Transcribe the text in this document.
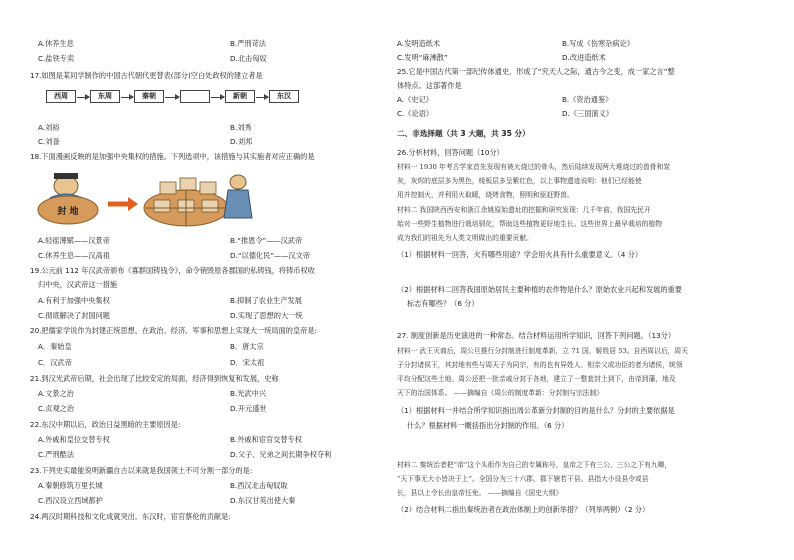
A.休养生息	B.严刑苛法
C.盐铁专卖	D.北击匈奴
17.如图是某同学制作的中国古代朝代更替表(部分)空白处政权的建立者是
西周	东周	秦朝	新朝	东汉
A.刘裕	B.刘秀
C.刘备	D.刘邦
18.下面漫画反映的是加强中央集权的措施。下列选项中，该措施与其实施者对应正确的是
封 地
A.轻徭薄赋——汉景帝	B.“推恩令”——汉武帝
C.休养生息——汉高祖	D.“以德化民”——汉文帝
19.公元前 112 年汉武帝颁布《寡群国铸钱令》，命令销毁原各郡国的私铸钱，将铸币权收
归中央，汉武帝这一措施
A.有利于加强中央集权	B.抑制了农业生产发展
C.彻底解决了封国问题	D.实现了思想的大一统
20.把儒家学说作为封建正统思想，在政治、经济、军事和思想上实现大一统局面的皇帝是:
A．秦始皇	B．唐太宗
C．汉武帝	D．宋太祖
21.到汉光武帝后期，社会出现了比较安定的局面，经济得到恢复和发展，史称
A.文景之治	B.光武中兴
C.贞观之治	D.开元盛世
22.东汉中期以后，政治日益黑暗的主要原因是:
A.外戚和皇位交替专权	B.外戚和宦官交替专权
C.严刑酷法	D.父子、兄弟之间长期争权夺利
23.下列史实最能说明新疆自古以来就是我国领土不可分割一部分的是:
A.秦朝修筑万里长城	B.西汉北击匈奴取
C.西汉设立西域都护	D.东汉甘英出使大秦
24.两汉时期科技和文化成就突出。东汉时，宦官蔡伦的贡献是:
A.发明造纸术	B.写成《伤寒杂病论》
C.发明“麻沸散”	D.改进造纸术
25.它是中国古代第一部纪传体通史，形成了“究天人之际，通古今之变，成一家之言”整
体特点。这部著作是
A.《史记》	B.《资治通鉴》
C.《论语》	D.《三国演义》
二、非选择题（共 3 大题，共 35 分）
26.分析材料，回答问题（10分）
材料一 1930 年考古学家首先发现有被火烧过的骨头，然后陆续发现两大堆烧过的兽骨和炭
灰，灰烬的底层多为黑色，棱板层多呈紫红色，以上事物遗迹说明：他们已经能使
用并控制火，并利用火取暖，烧烤食物，照明和驱赶野兽。
材料二 我国陕西西安和浙江余姚原始遗址的挖掘和研究发现：几千年前，我国先民开
始对一些野生植物进行栽培驯化，帮助这些植物更好地生长。这些世界上最早栽培的植物
成为我们的祖先为人类文明做出的重要贡献。
（1）根据材料一回答，火有哪些用途？学会用火具有什么重要意义。（4 分）
（2）根据材料二回答我国原始居民主要种植的农作物是什么？原始农业兴起和发展的重要
标志有哪些？（6 分）
27. 制度创新是历史演进的一种常态。结合材料运用所学知识，回答下列问题。（13分）
材料一 武王灭商后，周公旦推行分封制进行制度革新，立 71 国，姬姓居 53。自西周以后，周天
子分封诸侯王，其封地有些与周天子为同宗，有的也有异姓人、相亲父或功臣的者为诸侯，统领
平均分配这些土地。周公还把一批亲戚分封于各地，建立了一整套封土到下，由帝到藩，地及
天下的治国体系。 ——摘编自《周公的制度革新：分封制与宗法制》
（1）根据材料一并结合所学知识指出周公革新分封制的目的是什么？分封的主要依据是
什么？根据材料一概括指出分封制的作用。（6 分）
材料二 秦统治者把“帝”这个头衔作为自己的专属称号，皇帝之下有三公，三公之下有九卿，
“天下事无大小皆决于上”。全国分为三十六郡，郡下辖若干县。县指大小设县令或县
长，县以上令长由皇帝任免。 ——摘编自《国史大纲》
（2）结合材料二指出秦统治者在政治体制上的创新举措？（列举两例）（2 分）
